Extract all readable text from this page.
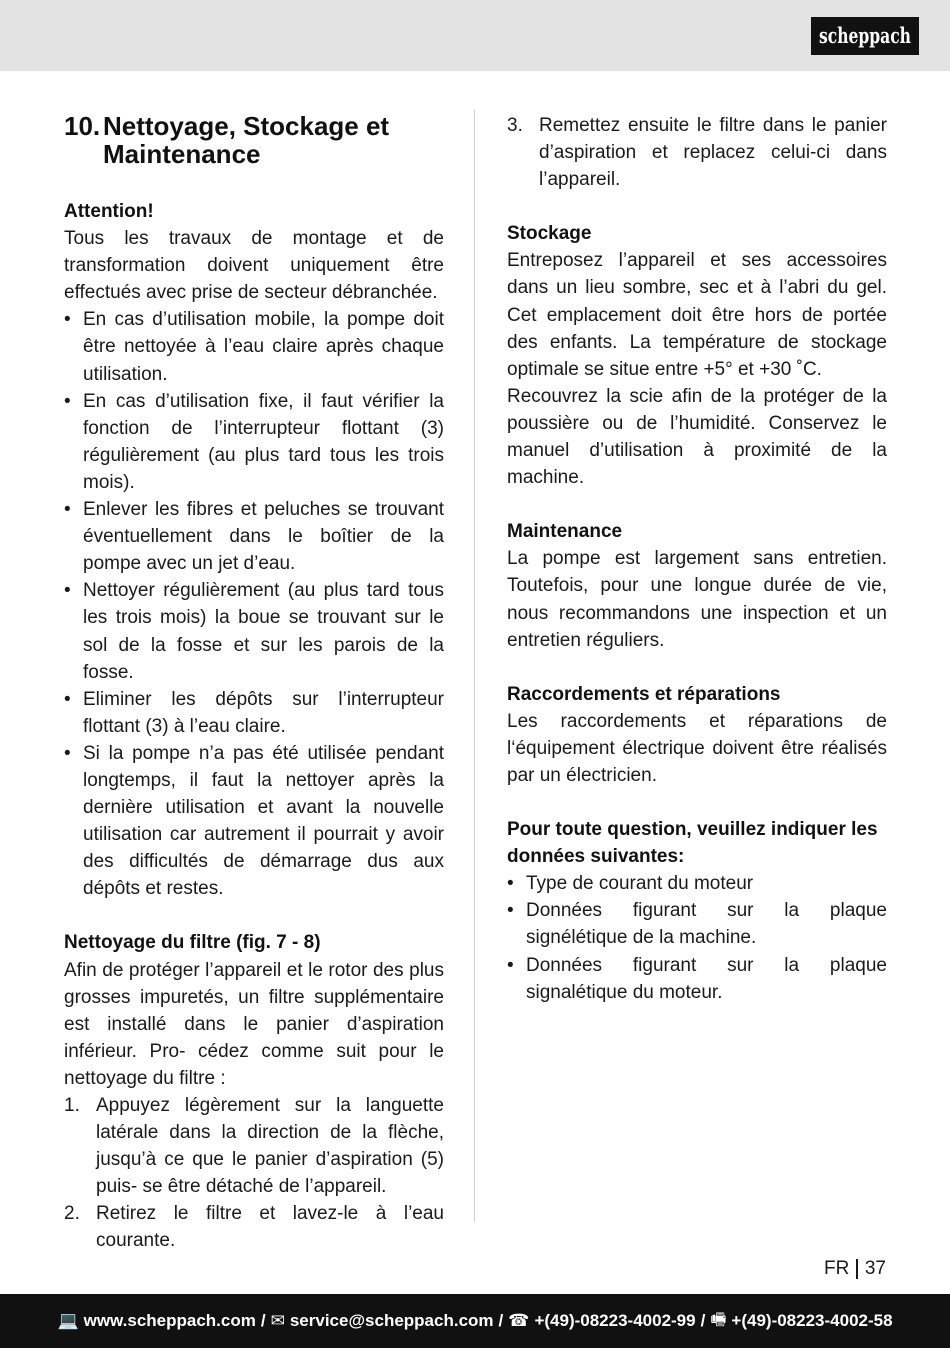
scheppach
10. Nettoyage, Stockage et
Maintenance
Attention!

Tous les travaux de montage et de transformation doivent uniquement être effectués avec prise de secteur débranchée.

• En cas d’utilisation mobile, la pompe doit être nettoyée à l’eau claire après chaque utilisation.
• En cas d’utilisation fixe, il faut vérifier la fonction de l’interrupteur flottant (3) régulièrement (au plus tard tous les trois mois).
• Enlever les fibres et peluches se trouvant éventuellement dans le boîtier de la pompe avec un jet d’eau.
• Nettoyer régulièrement (au plus tard tous les trois mois) la boue se trouvant sur le sol de la fosse et sur les parois de la fosse.
• Eliminer les dépôts sur l’interrupteur flottant (3) à l’eau claire.
• Si la pompe n’a pas été utilisée pendant longtemps, il faut la nettoyer après la dernière utilisation et avant la nouvelle utilisation car autrement il pourrait y avoir des difficultés de démarrage dus aux dépôts et restes.
Nettoyage du filtre (fig. 7 - 8)

Afin de protéger l’appareil et le rotor des plus grosses impuretés, un filtre supplémentaire est installé dans le panier d’aspiration inférieur. Pro- cédez comme suit pour le nettoyage du filtre :

1. Appuyez légèrement sur la languette latérale dans la direction de la flèche, jusqu’à ce que le panier d’aspiration (5) puis- se être détaché de l’appareil.
2. Retirez le filtre et lavez-le à l’eau courante.
3. Remettez ensuite le filtre dans le panier d’aspiration et replacez celui-ci dans l’appareil.
Stockage

Entreposez l’appareil et ses accessoires dans un lieu sombre, sec et à l’abri du gel. Cet emplacement doit être hors de portée des enfants. La température de stockage optimale se situe entre +5° et +30 ˚C.

Recouvrez la scie afin de la protéger de la poussière ou de l’humidité. Conservez le manuel d’utilisation à proximité de la machine.

Maintenance

La pompe est largement sans entretien. Toutefois, pour une longue durée de vie, nous recommandons une inspection et un entretien réguliers.

Raccordements et réparations

Les raccordements et réparations de l‘équipement électrique doivent être réalisés par un électricien.

Pour toute question, veuillez indiquer les données suivantes:
• Type de courant du moteur
• Données figurant sur la plaque signélétique de la machine.
• Données figurant sur la plaque signalétique du moteur.
FR 37
💻 www.scheppach.com / ✉ service@scheppach.com / ☎ +(49)-08223-4002-99 / 🖷 +(49)-08223-4002-58
